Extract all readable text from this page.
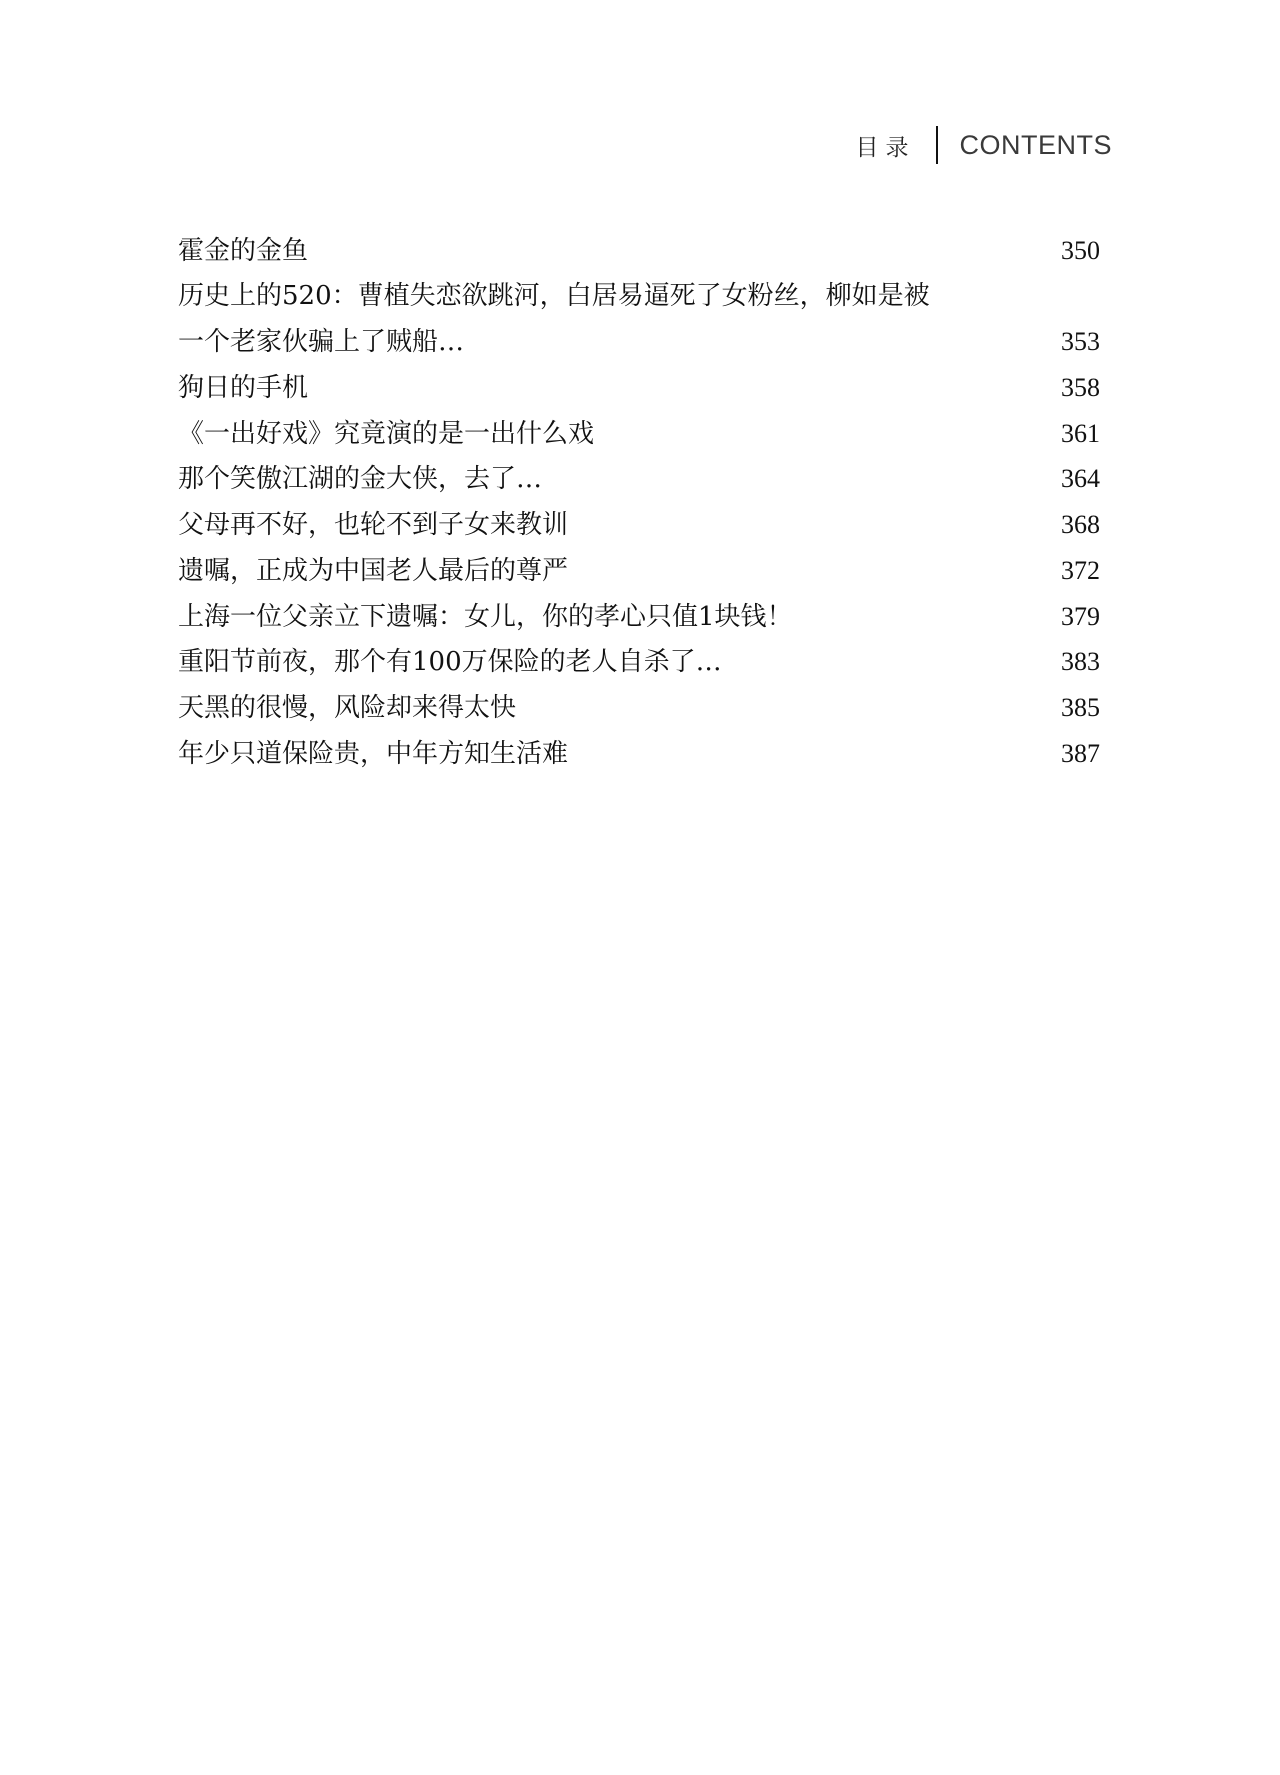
目录 CONTENTS
霍金的金鱼	350
历史上的520：曹植失恋欲跳河，白居易逼死了女粉丝，柳如是被
一个老家伙骗上了贼船…	353
狗日的手机	358
《一出好戏》究竟演的是一出什么戏	361
那个笑傲江湖的金大侠，去了…	364
父母再不好，也轮不到子女来教训	368
遗嘱，正成为中国老人最后的尊严	372
上海一位父亲立下遗嘱：女儿，你的孝心只值1块钱！	379
重阳节前夜，那个有100万保险的老人自杀了…	383
天黑的很慢，风险却来得太快	385
年少只道保险贵，中年方知生活难	387
